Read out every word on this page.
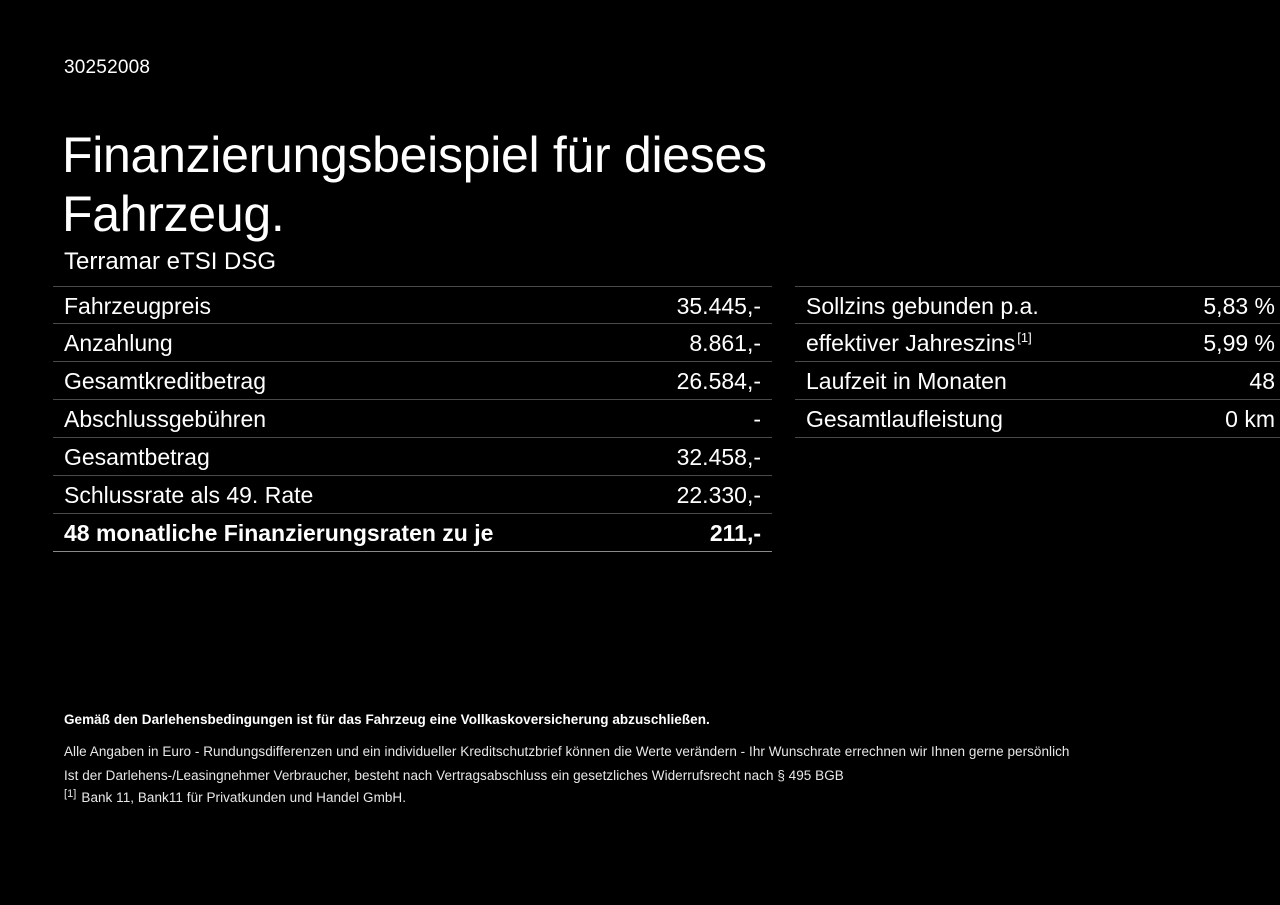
30252008
Finanzierungsbeispiel für dieses Fahrzeug.
Terramar eTSI DSG
Fahrzeugpreis	35.445,-
Anzahlung	8.861,-
Gesamtkreditbetrag	26.584,-
Abschlussgebühren	-
Gesamtbetrag	32.458,-
Schlussrate als 49. Rate	22.330,-
48 monatliche Finanzierungsraten zu je	211,-
Sollzins gebunden p.a.	5,83 %
effektiver Jahreszins [1]	5,99 %
Laufzeit in Monaten	48
Gesamtlaufleistung	0 km
Gemäß den Darlehensbedingungen ist für das Fahrzeug eine Vollkaskoversicherung abzuschließen.
Alle Angaben in Euro - Rundungsdifferenzen und ein individueller Kreditschutzbrief können die Werte verändern - Ihr Wunschrate errechnen wir Ihnen gerne persönlich
Ist der Darlehens-/Leasingnehmer Verbraucher, besteht nach Vertragsabschluss ein gesetzliches Widerrufsrecht nach § 495 BGB
[1] Bank 11, Bank11 für Privatkunden und Handel GmbH.
